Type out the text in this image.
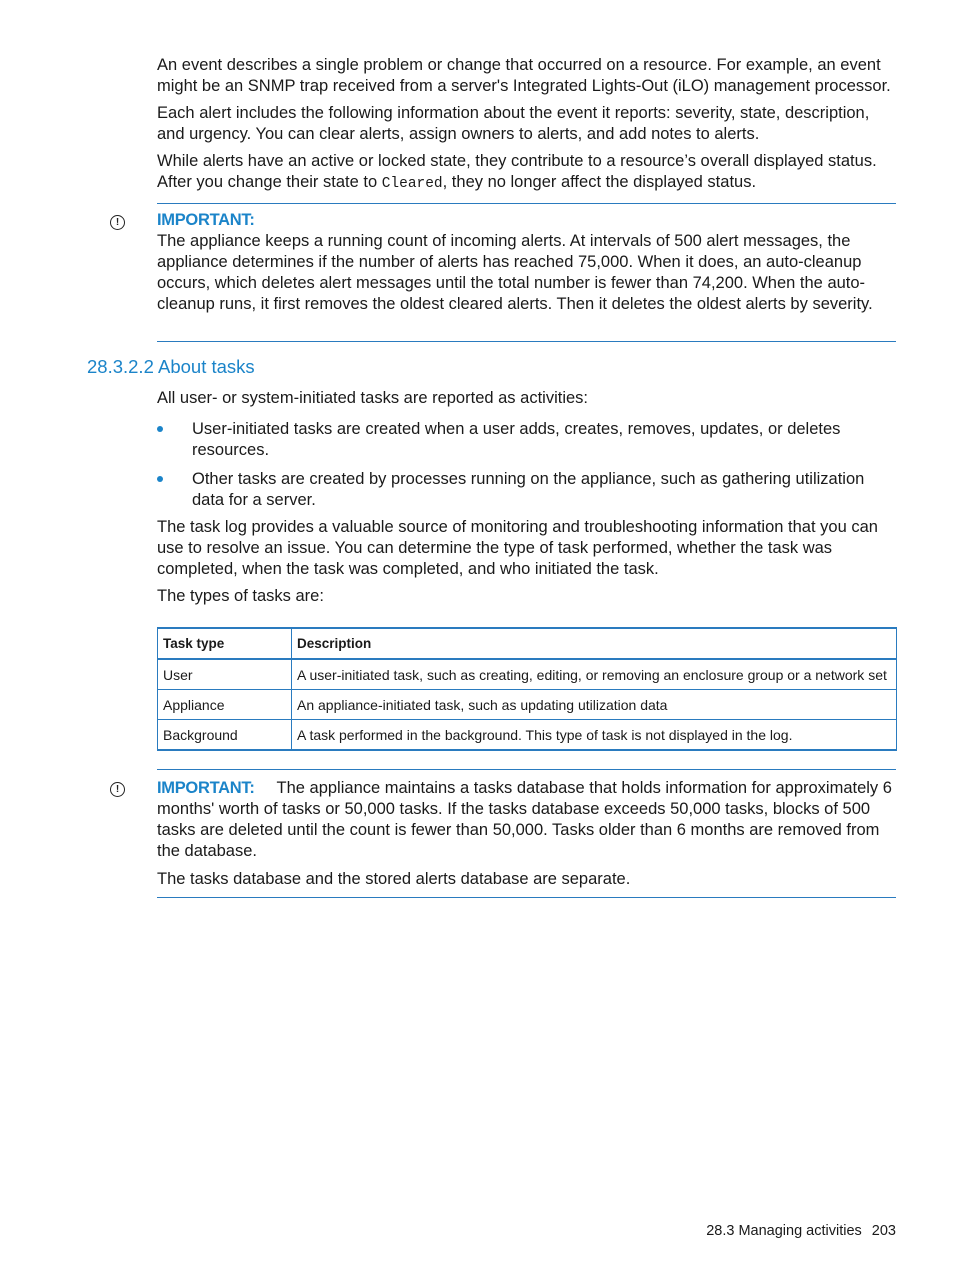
An event describes a single problem or change that occurred on a resource. For example, an event might be an SNMP trap received from a server's Integrated Lights-Out (iLO) management processor.

Each alert includes the following information about the event it reports: severity, state, description, and urgency. You can clear alerts, assign owners to alerts, and add notes to alerts.

While alerts have an active or locked state, they contribute to a resource’s overall displayed status. After you change their state to Cleared, they no longer affect the displayed status.

!	IMPORTANT:

The appliance keeps a running count of incoming alerts. At intervals of 500 alert messages, the appliance determines if the number of alerts has reached 75,000. When it does, an auto-cleanup occurs, which deletes alert messages until the total number is fewer than 74,200. When the auto-cleanup runs, it first removes the oldest cleared alerts. Then it deletes the oldest alerts by severity.

28.3.2.2 About tasks

All user- or system-initiated tasks are reported as activities:

User-initiated tasks are created when a user adds, creates, removes, updates, or deletes resources.

Other tasks are created by processes running on the appliance, such as gathering utilization data for a server.

The task log provides a valuable source of monitoring and troubleshooting information that you can use to resolve an issue. You can determine the type of task performed, whether the task was completed, when the task was completed, and who initiated the task.

The types of tasks are:

Task type	Description
User	A user-initiated task, such as creating, editing, or removing an enclosure group or a network set
Appliance	An appliance-initiated task, such as updating utilization data
Background	A task performed in the background. This type of task is not displayed in the log.
!	IMPORTANT: The appliance maintains a tasks database that holds information for approximately 6 months' worth of tasks or 50,000 tasks. If the tasks database exceeds 50,000 tasks, blocks of 500 tasks are deleted until the count is fewer than 50,000. Tasks older than 6 months are removed from the database.

The tasks database and the stored alerts database are separate.

28.3 Managing activities 203
